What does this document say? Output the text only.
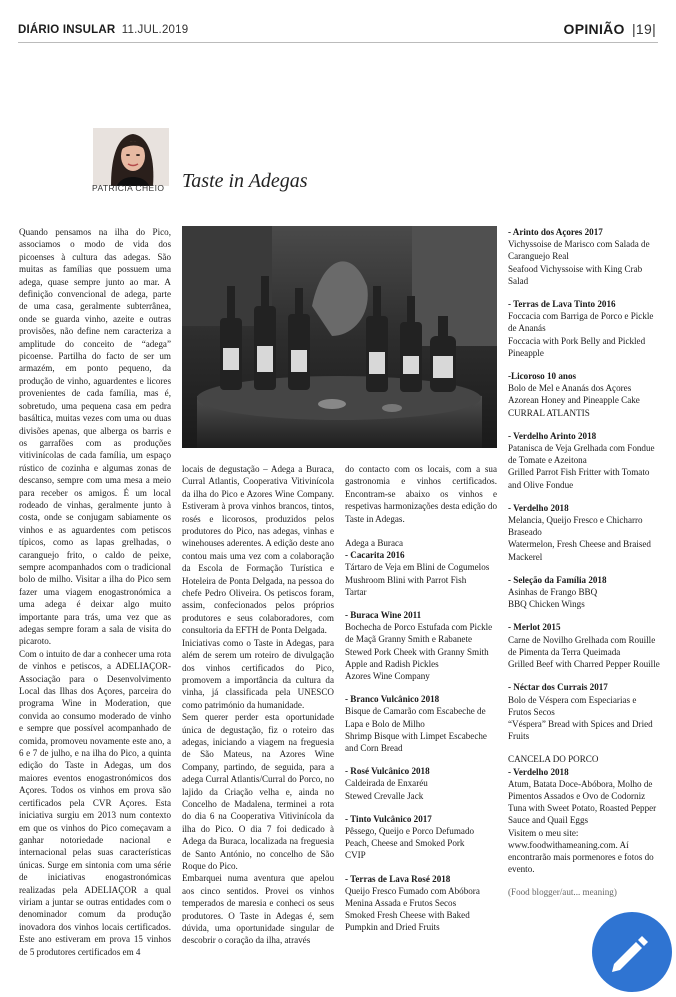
DIÁRIO INSULAR 11.JUL.2019	OPINIÃO |19|
PATRÍCIA CHEIO Taste in Adegas

Quando pensamos na ilha do Pico, associamos o modo de vida dos picoenses à cultura das adegas. São muitas as famílias que possuem uma adega, quase sempre junto ao mar. A definição convencional de adega, parte de uma casa, geralmente subterrânea, onde se guarda vinho, azeite e outras provisões, não define nem caracteriza a amplitude do conceito de “adega” picoense. Partilha do facto de ser um armazém, em ponto pequeno, da produção de vinho, aguardentes e licores provenientes de cada família, mas é, sobretudo, uma pequena casa em pedra basáltica, muitas vezes com uma ou duas divisões apenas, que alberga os barris e os garrafões com as produções vitivinícolas de cada família, um espaço rústico de cozinha e algumas zonas de descanso, sempre com uma mesa a meio para receber os amigos. É um local rodeado de vinhas, geralmente junto à costa, onde se conjugam sabiamente os vinhos e as aguardentes com petiscos típicos, como as lapas grelhadas, o caranguejo frito, o caldo de peixe, sempre acompanhados com o tradicional bolo de milho. Visitar a ilha do Pico sem fazer uma viagem enogastronómica a uma adega é deixar algo muito importante para trás, uma vez que as adegas sempre foram a sala de visita do picaroto.

Com o intuito de dar a conhecer uma rota de vinhos e petiscos, a ADELIAÇOR- Associação para o Desenvolvimento Local das Ilhas dos Açores, parceira do programa Wine in Moderation, que convida ao consumo moderado de vinho e sempre que possível acompanhado de comida, promoveu novamente este ano, a 6 e 7 de julho, e na ilha do Pico, a quinta edição do Taste in Adegas, um dos maiores eventos enogastronómicos dos Açores. Todos os vinhos em prova são certificados pela CVR Açores. Esta iniciativa surgiu em 2013 num contexto em que os vinhos do Pico começavam a ganhar notoriedade nacional e internacional pelas suas características únicas. Surge em sintonia com uma série de iniciativas enogastronómicas realizadas pela ADELIAÇOR a qual viriam a juntar se outras entidades com o denominador comum da produção inovadora dos vinhos locais certificados. Este ano estiveram em prova 15 vinhos de 5 produtores certificados em 4

locais de degustação – Adega a Buraca, Curral Atlantis, Cooperativa Vitivinícola da ilha do Pico e Azores Wine Company. Estiveram à prova vinhos brancos, tintos, rosés e licorosos, produzidos pelos produtores do Pico, nas adegas, vinhas e winehouses aderentes. A edição deste ano contou mais uma vez com a colaboração da Escola de Formação Turística e Hoteleira de Ponta Delgada, na pessoa do chefe Pedro Oliveira. Os petiscos foram, assim, confecionados pelos próprios produtores e seus colaboradores, com consultoria da EFTH de Ponta Delgada.

Iniciativas como o Taste in Adegas, para além de serem um roteiro de divulgação dos vinhos certificados do Pico, promovem a importância da cultura da vinha, já classificada pela UNESCO como património da humanidade.

Sem querer perder esta oportunidade única de degustação, fiz o roteiro das adegas, iniciando a viagem na freguesia de São Mateus, na Azores Wine Company, partindo, de seguida, para a adega Curral Atlantis/Curral do Porco, no lajido da Criação velha e, ainda no Concelho de Madalena, terminei a rota do dia 6 na Cooperativa Vitivinícola da ilha do Pico. O dia 7 foi dedicado à Adega da Buraca, localizada na freguesia de Santo António, no concelho de São Roque do Pico.

Embarquei numa aventura que apelou aos cinco sentidos. Provei os vinhos temperados de maresia e conheci os seus produtores. O Taste in Adegas é, sem dúvida, uma oportunidade singular de descobrir o coração da ilha, através

do contacto com os locais, com a sua gastronomia e vinhos certificados. Encontram-se abaixo os vinhos e respetivas harmonizações desta edição do Taste in Adegas.

Adega a Buraca
- Cacarita 2016
Tártaro de Veja em Blini de Cogumelos
Mushroom Blini with Parrot Fish
Tartar
- Buraca Wine 2011
Bochecha de Porco Estufada com Pickle de Maçã Granny Smith e Rabanete
Stewed Pork Cheek with Granny Smith Apple and Radish Pickles
Azores Wine Company
- Branco Vulcânico 2018
Bisque de Camarão com Escabeche de Lapa e Bolo de Milho
Shrimp Bisque with Limpet Escabeche and Corn Bread
- Rosé Vulcânico 2018
Caldeirada de Enxaréu
Stewed Crevalle Jack
- Tinto Vulcânico 2017
Pêssego, Queijo e Porco Defumado
Peach, Cheese and Smoked Pork
CVIP
- Terras de Lava Rosé 2018
Queijo Fresco Fumado com Abóbora Menina Assada e Frutos Secos
Smoked Fresh Cheese with Baked Pumpkin and Dried Fruits
- Arinto dos Açores 2017
Vichyssoise de Marisco com Salada de Caranguejo Real
Seafood Vichyssoise with King Crab Salad
- Terras de Lava Tinto 2016
Foccacia com Barriga de Porco e Pickle de Ananás
Foccacia with Pork Belly and Pickled Pineapple
-Licoroso 10 anos
Bolo de Mel e Ananás dos Açores
Azorean Honey and Pineapple Cake
CURRAL ATLANTIS
- Verdelho Arinto 2018
Patanisca de Veja Grelhada com Fondue de Tomate e Azeitona
Grilled Parrot Fish Fritter with Tomato and Olive Fondue
- Verdelho 2018
Melancia, Queijo Fresco e Chicharro Braseado
Watermelon, Fresh Cheese and Braised Mackerel
- Seleção da Família 2018
Asinhas de Frango BBQ
BBQ Chicken Wings
- Merlot 2015
Carne de Novilho Grelhada com Rouille de Pimenta da Terra Queimada
Grilled Beef with Charred Pepper Rouille
- Néctar dos Currais 2017
Bolo de Véspera com Especiarias e Frutos Secos
“Véspera” Bread with Spices and Dried Fruits
CANCELA DO PORCO
- Verdelho 2018
Atum, Batata Doce-Abóbora, Molho de Pimentos Assados e Ovo de Codorniz
Tuna with Sweet Potato, Roasted Pepper Sauce and Quail Eggs
Visitem o meu site: www.foodwithameaning.com. Aí encontrarão mais pormenores e fotos do evento.
(Food blogger/aut... meaning)
